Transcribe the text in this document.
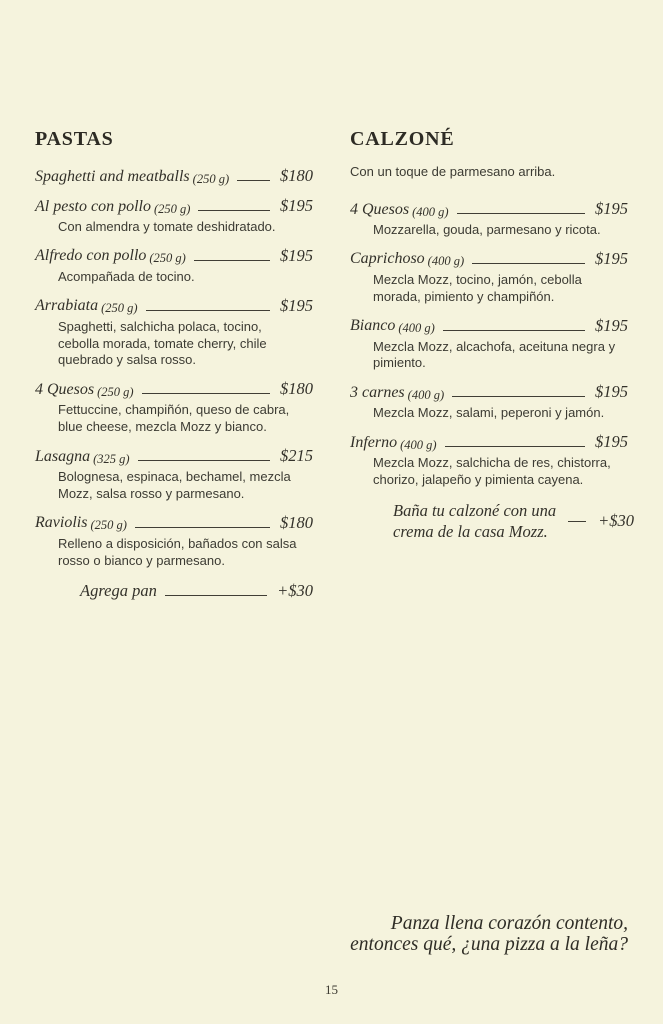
PASTAS
Spaghetti and meatballs (250 g)	$180
Al pesto con pollo (250 g)	$195

Con almendra y tomate deshidratado.

Alfredo con pollo (250 g)	$195

Acompañada de tocino.

Arrabiata (250 g)	$195

Spaghetti, salchicha polaca, tocino, cebolla morada, tomate cherry, chile quebrado y salsa rosso.

4 Quesos (250 g)	$180

Fettuccine, champiñón, queso de cabra, blue cheese, mezcla Mozz y bianco.

Lasagna (325 g)	$215

Bolognesa, espinaca, bechamel, mezcla Mozz, salsa rosso y parmesano.

Raviolis (250 g)	$180

Relleno a disposición, bañados con salsa rosso o bianco y parmesano.

Agrega pan	+$30
CALZONÉ

Con un toque de parmesano arriba.

4 Quesos (400 g)	$195

Mozzarella, gouda, parmesano y ricota.

Caprichoso (400 g)	$195

Mezcla Mozz, tocino, jamón, cebolla morada, pimiento y champiñón.

Bianco (400 g)	$195

Mezcla Mozz, alcachofa, aceituna negra y pimiento.

3 carnes (400 g)	$195

Mezcla Mozz, salami, peperoni y jamón.

Inferno (400 g)	$195

Mezcla Mozz, salchicha de res, chistorra, chorizo, jalapeño y pimienta cayena.

Baña tu calzoné con una
crema de la casa Mozz.
+$30
Panza llena corazón contento,
entonces qué, ¿una pizza a la leña?
15
